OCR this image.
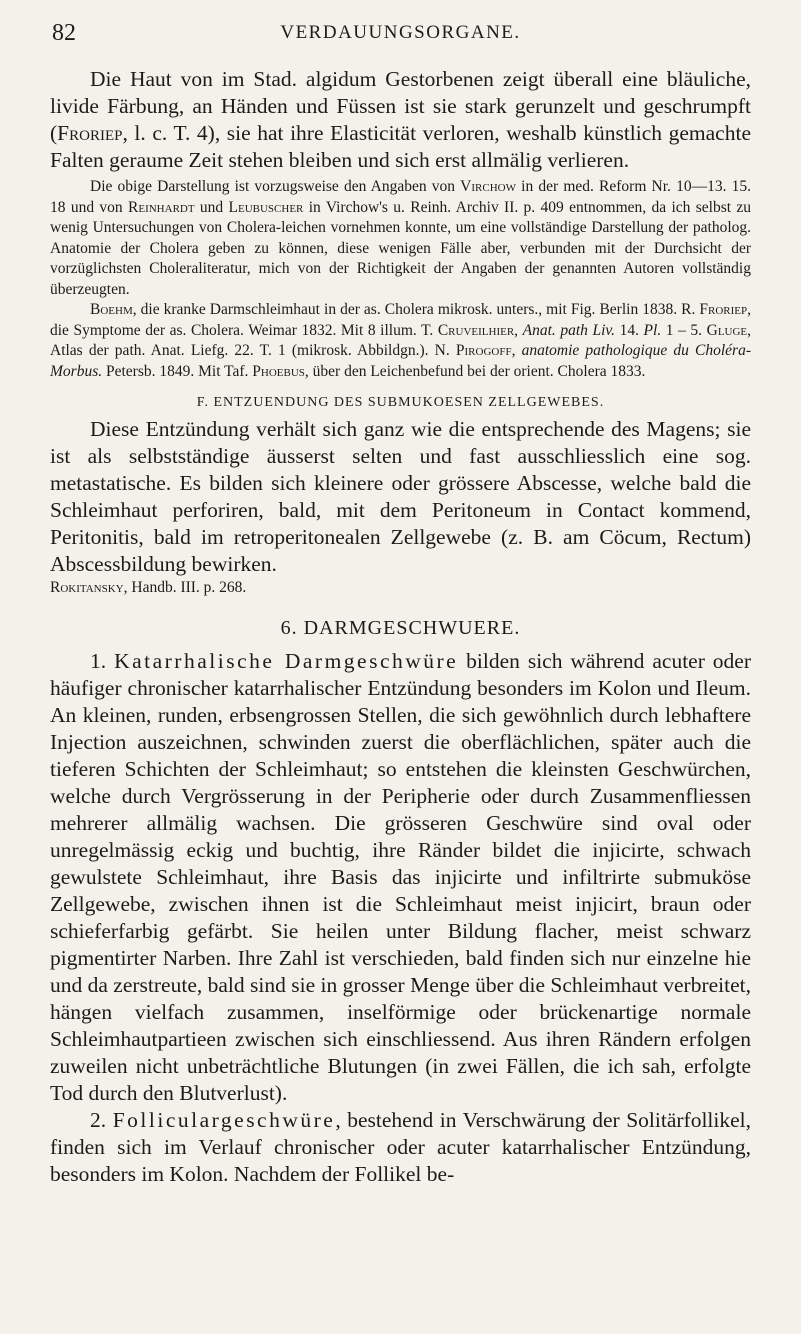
82	VERDAUUNGSORGANE.

Die Haut von im Stad. algidum Gestorbenen zeigt überall eine bläuliche, livide Färbung, an Händen und Füssen ist sie stark gerunzelt und geschrumpft (Froriep, l. c. T. 4), sie hat ihre Elasticität verloren, weshalb künstlich gemachte Falten geraume Zeit stehen bleiben und sich erst allmälig verlieren.

Die obige Darstellung ist vorzugsweise den Angaben von Virchow in der med. Reform Nr. 10—13. 15. 18 und von Reinhardt und Leubuscher in Virchow's u. Reinh. Archiv II. p. 409 entnommen, da ich selbst zu wenig Untersuchungen von Cholera-leichen vornehmen konnte, um eine vollständige Darstellung der patholog. Anatomie der Cholera geben zu können, diese wenigen Fälle aber, verbunden mit der Durchsicht der vorzüglichsten Choleraliteratur, mich von der Richtigkeit der Angaben der genannten Autoren vollständig überzeugten.

Boehm, die kranke Darmschleimhaut in der as. Cholera mikrosk. unters., mit Fig. Berlin 1838. R. Froriep, die Symptome der as. Cholera. Weimar 1832. Mit 8 illum. T. Cruveilhier, Anat. path Liv. 14. Pl. 1 – 5. Gluge, Atlas der path. Anat. Liefg. 22. T. 1 (mikrosk. Abbildgn.). N. Pirogoff, anatomie pathologique du Choléra-Morbus. Petersb. 1849. Mit Taf. Phoebus, über den Leichenbefund bei der orient. Cholera 1833.

F. ENTZUENDUNG DES SUBMUKOESEN ZELLGEWEBES.

Diese Entzündung verhält sich ganz wie die entsprechende des Magens; sie ist als selbstständige äusserst selten und fast ausschliesslich eine sog. metastatische. Es bilden sich kleinere oder grössere Abscesse, welche bald die Schleimhaut perforiren, bald, mit dem Peritoneum in Contact kommend, Peritonitis, bald im retroperitonealen Zellgewebe (z. B. am Cöcum, Rectum) Abscessbildung bewirken.

Rokitansky, Handb. III. p. 268.

6. DARMGESCHWUERE.

1. Katarrhalische Darmgeschwüre bilden sich während acuter oder häufiger chronischer katarrhalischer Entzündung besonders im Kolon und Ileum. An kleinen, runden, erbsengrossen Stellen, die sich gewöhnlich durch lebhaftere Injection auszeichnen, schwinden zuerst die oberflächlichen, später auch die tieferen Schichten der Schleimhaut; so entstehen die kleinsten Geschwürchen, welche durch Vergrösserung in der Peripherie oder durch Zusammenfliessen mehrerer allmälig wachsen. Die grösseren Geschwüre sind oval oder unregelmässig eckig und buchtig, ihre Ränder bildet die injicirte, schwach gewulstete Schleimhaut, ihre Basis das injicirte und infiltrirte submuköse Zellgewebe, zwischen ihnen ist die Schleimhaut meist injicirt, braun oder schieferfarbig gefärbt. Sie heilen unter Bildung flacher, meist schwarz pigmentirter Narben. Ihre Zahl ist verschieden, bald finden sich nur einzelne hie und da zerstreute, bald sind sie in grosser Menge über die Schleimhaut verbreitet, hängen vielfach zusammen, inselförmige oder brückenartige normale Schleimhautpartieen zwischen sich einschliessend. Aus ihren Rändern erfolgen zuweilen nicht unbeträchtliche Blutungen (in zwei Fällen, die ich sah, erfolgte Tod durch den Blutverlust).

2. Folliculargeschwüre, bestehend in Verschwärung der Solitärfollikel, finden sich im Verlauf chronischer oder acuter katarrhalischer Entzündung, besonders im Kolon. Nachdem der Follikel be-
